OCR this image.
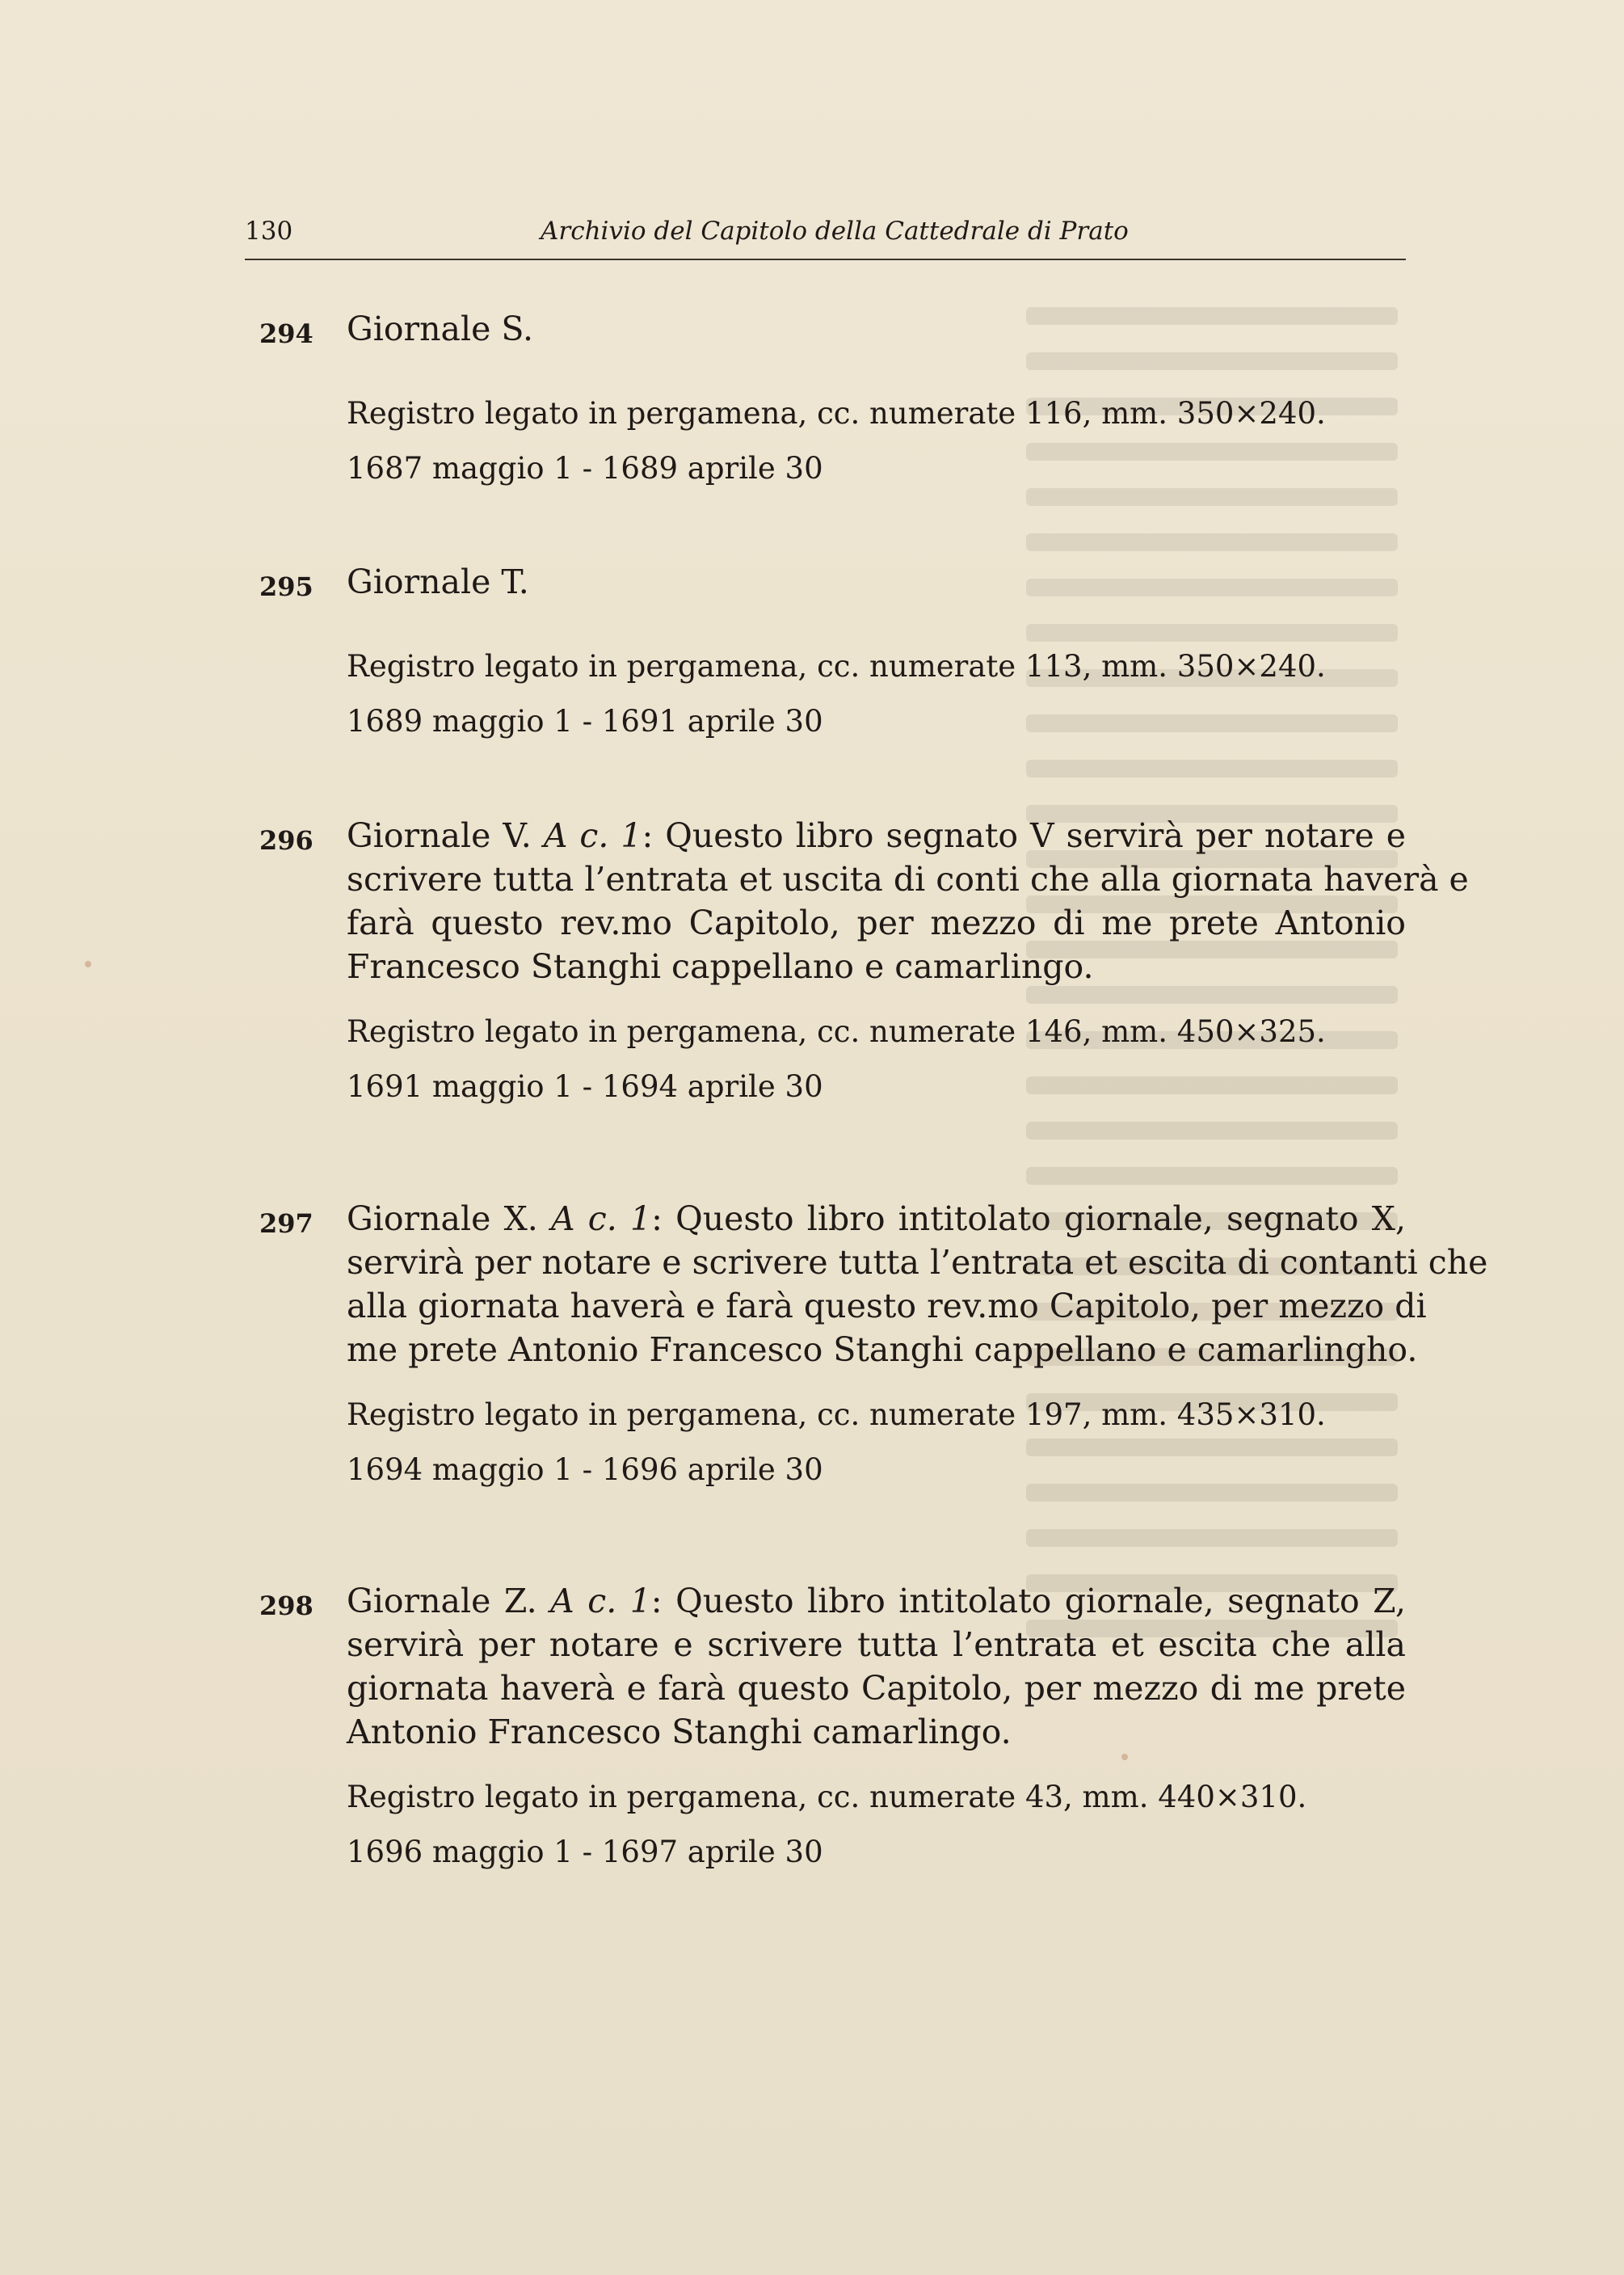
130	Archivio del Capitolo della Cattedrale di Prato
294 Giornale S.
Registro legato in pergamena, cc. numerate 116, mm. 350×240.
1687 maggio 1 - 1689 aprile 30
295 Giornale T.
Registro legato in pergamena, cc. numerate 113, mm. 350×240.
1689 maggio 1 - 1691 aprile 30
296 Giornale V. A c. 1: Questo libro segnato V servirà per notare e
scrivere tutta l’entrata et uscita di conti che alla giornata haverà e
farà questo rev.mo Capitolo, per mezzo di me prete Antonio
Francesco Stanghi cappellano e camarlingo.
Registro legato in pergamena, cc. numerate 146, mm. 450×325.
1691 maggio 1 - 1694 aprile 30
297 Giornale X. A c. 1: Questo libro intitolato giornale, segnato X,
servirà per notare e scrivere tutta l’entrata et escita di contanti che
alla giornata haverà e farà questo rev.mo Capitolo, per mezzo di
me prete Antonio Francesco Stanghi cappellano e camarlingho.
Registro legato in pergamena, cc. numerate 197, mm. 435×310.
1694 maggio 1 - 1696 aprile 30
298 Giornale Z. A c. 1: Questo libro intitolato giornale, segnato Z,
servirà per notare e scrivere tutta l’entrata et escita che alla
giornata haverà e farà questo Capitolo, per mezzo di me prete
Antonio Francesco Stanghi camarlingo.
Registro legato in pergamena, cc. numerate 43, mm. 440×310.
1696 maggio 1 - 1697 aprile 30
